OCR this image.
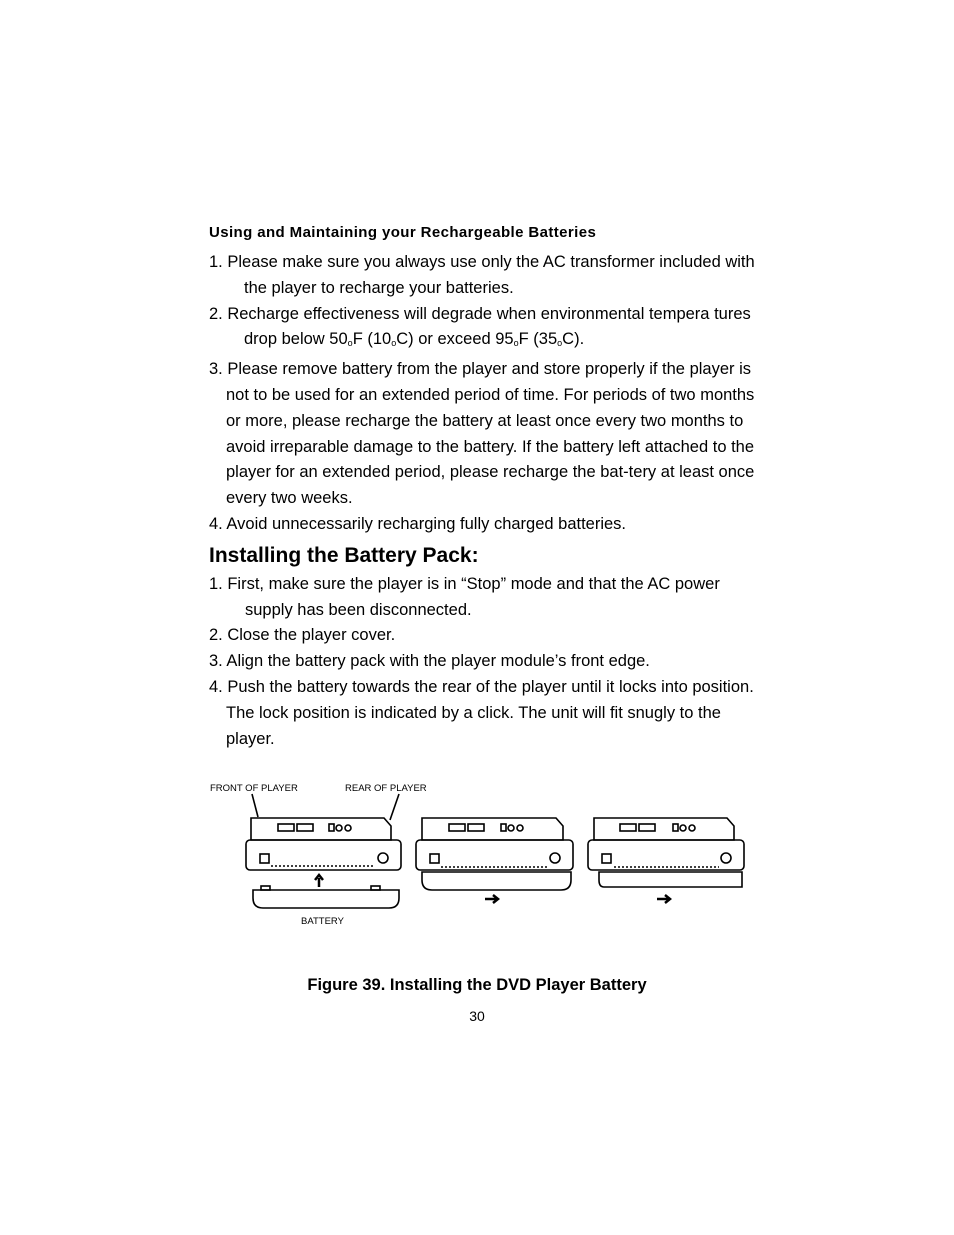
Using and Maintaining your Rechargeable Batteries
1. Please make sure you always use only the AC transformer included with the player to recharge your batteries.
2. Recharge effectiveness will degrade when environmental tempera tures drop below $50_oF$ $(10_oC)$ or exceed $95_oF$ $(35_oC)$.
3. Please remove battery from the player and store properly if the player is not to be used for an extended period of time. For periods of two months or more, please recharge the battery at least once every two months to avoid irreparable damage to the battery. If the battery left attached to the player for an extended period, please recharge the bat-tery at least once every two weeks.
4. Avoid unnecessarily recharging fully charged batteries.
Installing the Battery Pack:
1. First, make sure the player is in “Stop” mode and that the AC power supply has been disconnected.
2. Close the player cover.
3. Align the battery pack with the player module’s front edge.
4. Push the battery towards the rear of the player until it locks into position. The lock position is indicated by a click. The unit will fit snugly to the player.
FRONT OF PLAYER	REAR OF PLAYER
BATTERY
Figure 39. Installing the DVD Player Battery
30
